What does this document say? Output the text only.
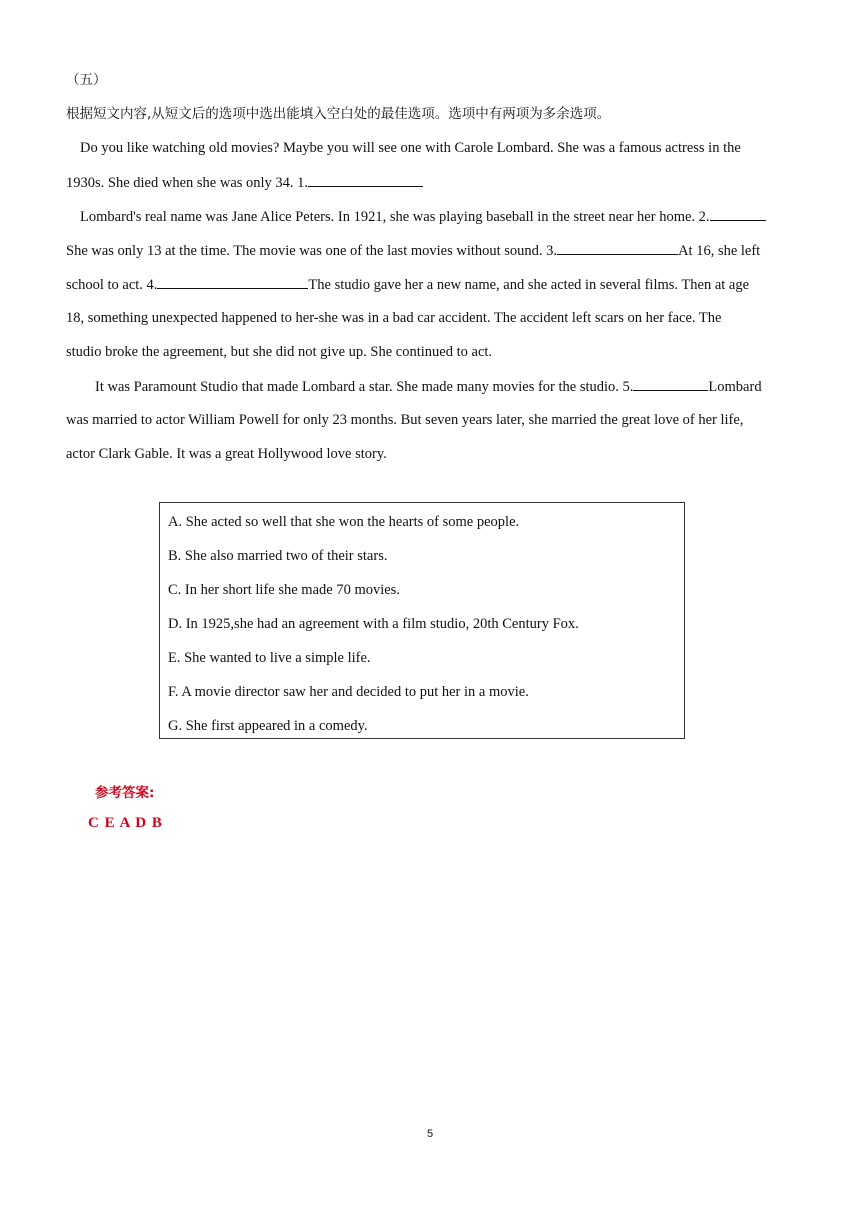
（五）
根据短文内容,从短文后的选项中选出能填入空白处的最佳选项。选项中有两项为多余选项。
Do you like watching old movies? Maybe you will see one with Carole Lombard. She was a famous actress in the
1930s. She died when she was only 34. 1.
Lombard's real name was Jane Alice Peters. In 1921, she was playing baseball in the street near her home. 2.
She was only 13 at the time. The movie was one of the last movies without sound. 3.	At 16, she left
school to act. 4.	The studio gave her a new name, and she acted in several films. Then at age
18, something unexpected happened to her-she was in a bad car accident. The accident left scars on her face. The
studio broke the agreement, but she did not give up. She continued to act.
It was Paramount Studio that made Lombard a star. She made many movies for the studio. 5.	Lombard
was married to actor William Powell for only 23 months. But seven years later, she married the great love of her life,
actor Clark Gable. It was a great Hollywood love story.
A. She acted so well that she won the hearts of some people.
B. She also married two of their stars.
C. In her short life she made 70 movies.
D. In 1925,she had an agreement with a film studio, 20th Century Fox.
E. She wanted to live a simple life.
F. A movie director saw her and decided to put her in a movie.
G. She first appeared in a comedy.
参考答案:
C E A D B
5
